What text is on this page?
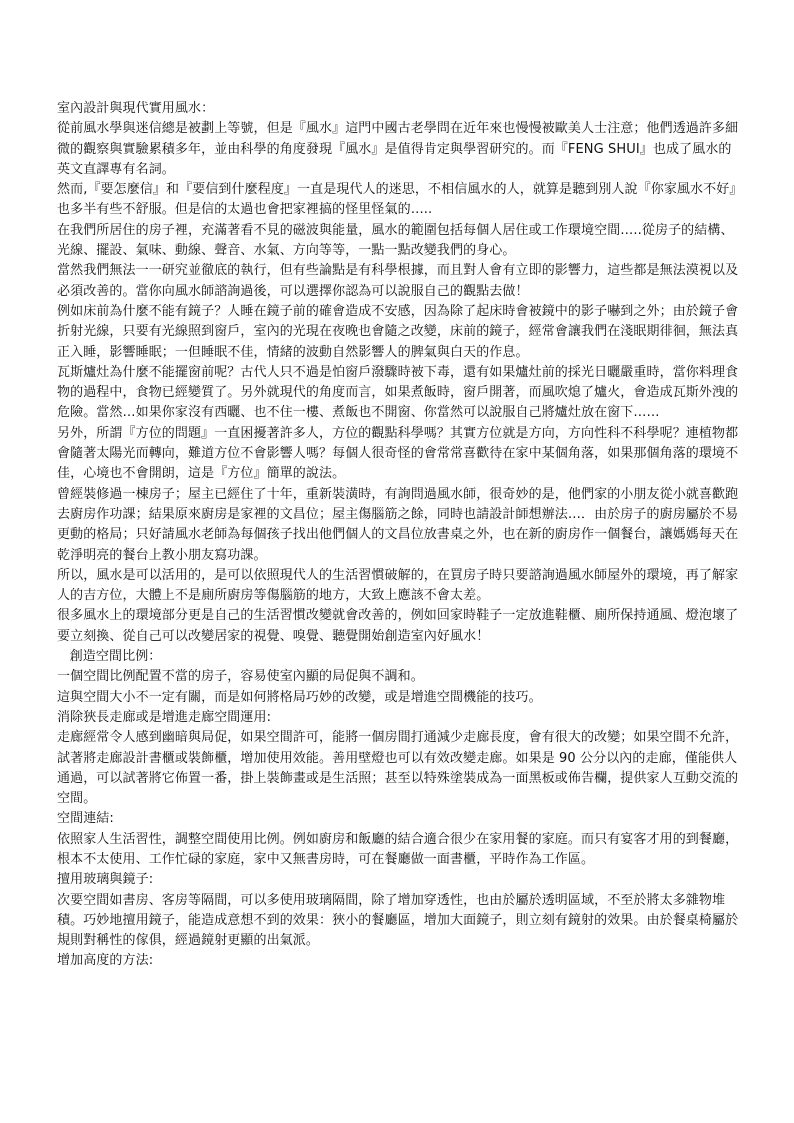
室內設計與現代實用風水：

從前風水學與迷信總是被劃上等號，但是『風水』這門中國古老學問在近年來也慢慢被歐美人士注意；他們透過許多細微的觀察與實驗累積多年，並由科學的角度發現『風水』是值得肯定與學習研究的。而『FENG SHUI』也成了風水的英文直譯專有名詞。

然而,『要怎麼信』和『要信到什麼程度』一直是現代人的迷思，不相信風水的人，就算是聽到別人說『你家風水不好』也多半有些不舒服。但是信的太過也會把家裡搞的怪里怪氣的…..

在我們所居住的房子裡，充滿著看不見的磁波與能量，風水的範圍包括每個人居住或工作環境空間…..從房子的結構、光線、擺設、氣味、動線、聲音、水氣、方向等等，一點一點改變我們的身心。

當然我們無法一一研究並徹底的執行，但有些論點是有科學根據，而且對人會有立即的影響力，這些都是無法漠視以及必須改善的。當你向風水師諮詢過後，可以選擇你認為可以說服自己的觀點去做！

例如床前為什麼不能有鏡子？人睡在鏡子前的確會造成不安感，因為除了起床時會被鏡中的影子嚇到之外；由於鏡子會折射光線，只要有光線照到窗戶，室內的光現在夜晚也會隨之改變，床前的鏡子，經常會讓我們在淺眠期徘徊，無法真正入睡，影響睡眠；一但睡眠不佳，情緒的波動自然影響人的脾氣與白天的作息。

瓦斯爐灶為什麼不能擺窗前呢？古代人只不過是怕窗戶潑驟時被下毒，還有如果爐灶前的採光日曬嚴重時，當你料理食物的過程中，食物已經變質了。另外就現代的角度而言，如果煮飯時，窗戶開著，而風吹熄了爐火，會造成瓦斯外洩的危險。當然…如果你家沒有西曬、也不住一樓、煮飯也不開窗、你當然可以說服自己將爐灶放在窗下……

另外，所謂『方位的問題』一直困擾著許多人，方位的觀點科學嗎？其實方位就是方向，方向性科不科學呢？連植物都會隨著太陽光而轉向，難道方位不會影響人嗎？每個人很奇怪的會常常喜歡待在家中某個角落，如果那個角落的環境不佳，心境也不會開朗，這是『方位』簡單的說法。

曾經裝修過一棟房子；屋主已經住了十年，重新裝潢時，有詢問過風水師，很奇妙的是，他們家的小朋友從小就喜歡跑去廚房作功課；結果原來廚房是家裡的文昌位；屋主傷腦筋之餘，同時也請設計師想辦法…．由於房子的廚房屬於不易更動的格局；只好請風水老師為每個孩子找出他們個人的文昌位放書桌之外，也在新的廚房作一個餐台，讓媽媽每天在乾淨明亮的餐台上教小朋友寫功課。

所以，風水是可以活用的，是可以依照現代人的生活習慣破解的，在買房子時只要諮詢過風水師屋外的環境，再了解家人的吉方位，大體上不是廁所廚房等傷腦筋的地方，大致上應該不會太差。

很多風水上的環境部分更是自己的生活習慣改變就會改善的，例如回家時鞋子一定放進鞋櫃、廁所保持通風、燈泡壞了要立刻換、從自己可以改變居家的視覺、嗅覺、聽覺開始創造室內好風水！

創造空間比例：

一個空間比例配置不當的房子，容易使室內顯的局促與不調和。

這與空間大小不一定有關，而是如何將格局巧妙的改變，或是增進空間機能的技巧。

消除狹長走廊或是增進走廊空間運用:

走廊經常令人感到幽暗與局促，如果空間許可，能將一個房間打通減少走廊長度，會有很大的改變；如果空間不允許，試著將走廊設計書櫃或裝飾櫃，增加使用效能。善用壁燈也可以有效改變走廊。如果是 90 公分以內的走廊，僅能供人通過，可以試著將它佈置一番，掛上裝飾畫或是生活照；甚至以特殊塗裝成為一面黑板或佈告欄，提供家人互動交流的空間。

空間連結:

依照家人生活習性，調整空間使用比例。例如廚房和飯廳的結合適合很少在家用餐的家庭。而只有宴客才用的到餐廳，根本不太使用、工作忙碌的家庭，家中又無書房時，可在餐廳做一面書櫃，平時作為工作區。

擅用玻璃與鏡子:

次要空間如書房、客房等隔間，可以多使用玻璃隔間，除了增加穿透性，也由於屬於透明區域，不至於將太多雜物堆積。巧妙地擅用鏡子，能造成意想不到的效果：狹小的餐廳區，增加大面鏡子，則立刻有鏡射的效果。由於餐桌椅屬於規則對稱性的傢俱，經過鏡射更顯的出氣派。

增加高度的方法:
